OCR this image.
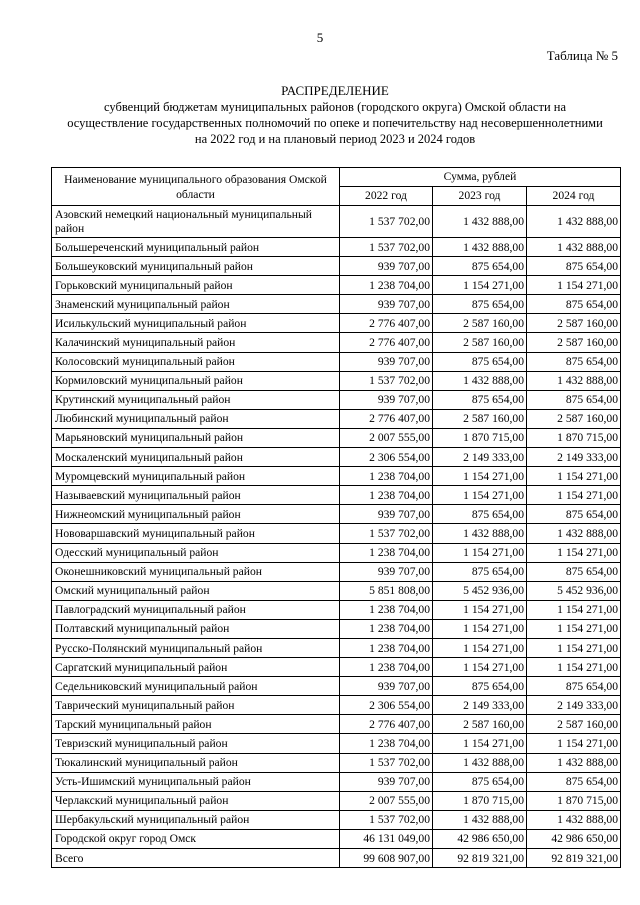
5
Таблица № 5
РАСПРЕДЕЛЕНИЕ
субвенций бюджетам муниципальных районов (городского округа) Омской области на
осуществление государственных полномочий по опеке и попечительству над несовершеннолетними
на 2022 год и на плановый период 2023 и 2024 годов
Наименование муниципального образования Омской области	Сумма, рублей		
	2022 год	2023 год	2024 год
Азовский немецкий национальный муниципальный район	1 537 702,00	1 432 888,00	1 432 888,00
Большереченский муниципальный район	1 537 702,00	1 432 888,00	1 432 888,00
Большеуковский муниципальный район	939 707,00	875 654,00	875 654,00
Горьковский муниципальный район	1 238 704,00	1 154 271,00	1 154 271,00
Знаменский муниципальный район	939 707,00	875 654,00	875 654,00
Исилькульский муниципальный район	2 776 407,00	2 587 160,00	2 587 160,00
Калачинский муниципальный район	2 776 407,00	2 587 160,00	2 587 160,00
Колосовский муниципальный район	939 707,00	875 654,00	875 654,00
Кормиловский муниципальный район	1 537 702,00	1 432 888,00	1 432 888,00
Крутинский муниципальный район	939 707,00	875 654,00	875 654,00
Любинский муниципальный район	2 776 407,00	2 587 160,00	2 587 160,00
Марьяновский муниципальный район	2 007 555,00	1 870 715,00	1 870 715,00
Москаленский муниципальный район	2 306 554,00	2 149 333,00	2 149 333,00
Муромцевский муниципальный район	1 238 704,00	1 154 271,00	1 154 271,00
Называевский муниципальный район	1 238 704,00	1 154 271,00	1 154 271,00
Нижнеомский муниципальный район	939 707,00	875 654,00	875 654,00
Нововаршавский муниципальный район	1 537 702,00	1 432 888,00	1 432 888,00
Одесский муниципальный район	1 238 704,00	1 154 271,00	1 154 271,00
Оконешниковский муниципальный район	939 707,00	875 654,00	875 654,00
Омский муниципальный район	5 851 808,00	5 452 936,00	5 452 936,00
Павлоградский муниципальный район	1 238 704,00	1 154 271,00	1 154 271,00
Полтавский муниципальный район	1 238 704,00	1 154 271,00	1 154 271,00
Русско-Полянский муниципальный район	1 238 704,00	1 154 271,00	1 154 271,00
Саргатский муниципальный район	1 238 704,00	1 154 271,00	1 154 271,00
Седельниковский муниципальный район	939 707,00	875 654,00	875 654,00
Таврический муниципальный район	2 306 554,00	2 149 333,00	2 149 333,00
Тарский муниципальный район	2 776 407,00	2 587 160,00	2 587 160,00
Тевризский муниципальный район	1 238 704,00	1 154 271,00	1 154 271,00
Тюкалинский муниципальный район	1 537 702,00	1 432 888,00	1 432 888,00
Усть-Ишимский муниципальный район	939 707,00	875 654,00	875 654,00
Черлакский муниципальный район	2 007 555,00	1 870 715,00	1 870 715,00
Шербакульский муниципальный район	1 537 702,00	1 432 888,00	1 432 888,00
Городской округ город Омск	46 131 049,00	42 986 650,00	42 986 650,00
Всего	99 608 907,00	92 819 321,00	92 819 321,00
